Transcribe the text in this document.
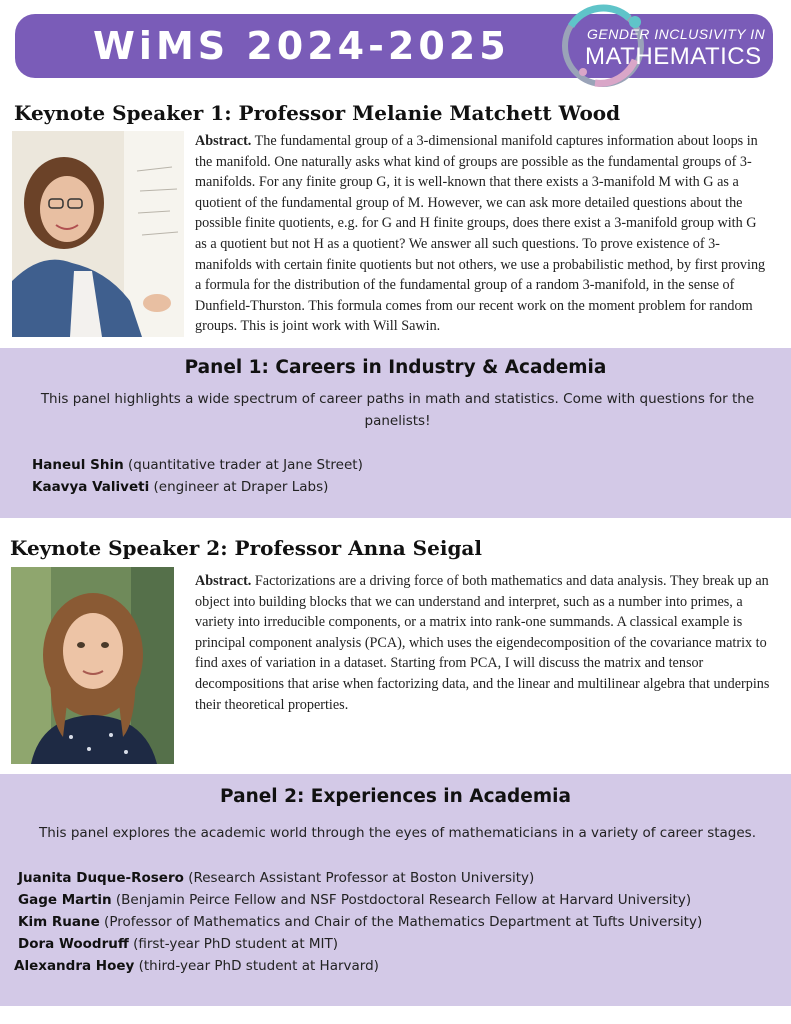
WiMS 2024-2025	GENDER INCLUSIVITY IN
MATHEMATICS
Keynote Speaker 1: Professor Melanie Matchett Wood
Abstract. The fundamental group of a 3-dimensional manifold captures information about loops in the manifold. One naturally asks what kind of groups are possible as the fundamental groups of 3-manifolds. For any finite group G, it is well-known that there exists a 3-manifold M with G as a quotient of the fundamental group of M. However, we can ask more detailed questions about the possible finite quotients, e.g. for G and H finite groups, does there exist a 3-manifold group with G as a quotient but not H as a quotient? We answer all such questions. To prove existence of 3-manifolds with certain finite quotients but not others, we use a probabilistic method, by first proving a formula for the distribution of the fundamental group of a random 3-manifold, in the sense of Dunfield-Thurston. This formula comes from our recent work on the moment problem for random groups. This is joint work with Will Sawin.
Panel 1: Careers in Industry & Academia
This panel highlights a wide spectrum of career paths in math and statistics. Come with questions for the panelists!
Haneul Shin (quantitative trader at Jane Street)
Kaavya Valiveti (engineer at Draper Labs)
Keynote Speaker 2: Professor Anna Seigal
Abstract. Factorizations are a driving force of both mathematics and data analysis. They break up an object into building blocks that we can understand and interpret, such as a number into primes, a variety into irreducible components, or a matrix into rank-one summands. A classical example is principal component analysis (PCA), which uses the eigendecomposition of the covariance matrix to find axes of variation in a dataset. Starting from PCA, I will discuss the matrix and tensor decompositions that arise when factorizing data, and the linear and multilinear algebra that underpins their theoretical properties.
Panel 2: Experiences in Academia
This panel explores the academic world through the eyes of mathematicians in a variety of career stages.
Juanita Duque-Rosero (Research Assistant Professor at Boston University)
Gage Martin (Benjamin Peirce Fellow and NSF Postdoctoral Research Fellow at Harvard University)
Kim Ruane (Professor of Mathematics and Chair of the Mathematics Department at Tufts University)
Dora Woodruff (first-year PhD student at MIT)
Alexandra Hoey (third-year PhD student at Harvard)
